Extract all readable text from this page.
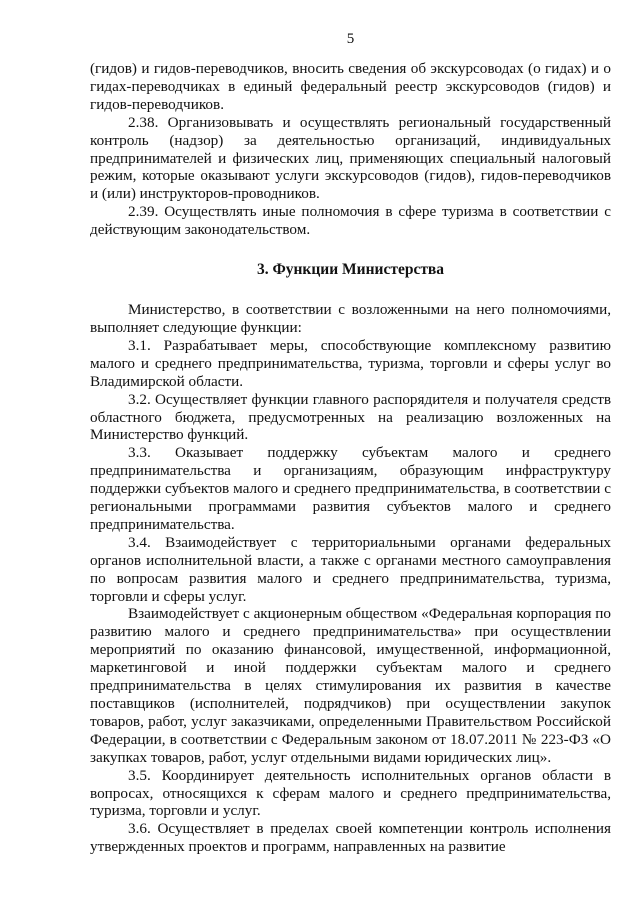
5

(гидов) и гидов-переводчиков, вносить сведения об экскурсоводах (о гидах) и о гидах-переводчиках в единый федеральный реестр экскурсоводов (гидов) и гидов-переводчиков.

2.38. Организовывать и осуществлять региональный государственный контроль (надзор) за деятельностью организаций, индивидуальных предпринимателей и физических лиц, применяющих специальный налоговый режим, которые оказывают услуги экскурсоводов (гидов), гидов-переводчиков и (или) инструкторов-проводников.

2.39. Осуществлять иные полномочия в сфере туризма в соответствии с действующим законодательством.

3. Функции Министерства

Министерство, в соответствии с возложенными на него полномочиями, выполняет следующие функции:

3.1. Разрабатывает меры, способствующие комплексному развитию малого и среднего предпринимательства, туризма, торговли и сферы услуг во Владимирской области.

3.2. Осуществляет функции главного распорядителя и получателя средств областного бюджета, предусмотренных на реализацию возложенных на Министерство функций.

3.3. Оказывает поддержку субъектам малого и среднего предпринимательства и организациям, образующим инфраструктуру поддержки субъектов малого и среднего предпринимательства, в соответствии с региональными программами развития субъектов малого и среднего предпринимательства.

3.4. Взаимодействует с территориальными органами федеральных органов исполнительной власти, а также с органами местного самоуправления по вопросам развития малого и среднего предпринимательства, туризма, торговли и сферы услуг.

Взаимодействует с акционерным обществом «Федеральная корпорация по развитию малого и среднего предпринимательства» при осуществлении мероприятий по оказанию финансовой, имущественной, информационной, маркетинговой и иной поддержки субъектам малого и среднего предпринимательства в целях стимулирования их развития в качестве поставщиков (исполнителей, подрядчиков) при осуществлении закупок товаров, работ, услуг заказчиками, определенными Правительством Российской Федерации, в соответствии с Федеральным законом от 18.07.2011 № 223-ФЗ «О закупках товаров, работ, услуг отдельными видами юридических лиц».

3.5. Координирует деятельность исполнительных органов области в вопросах, относящихся к сферам малого и среднего предпринимательства, туризма, торговли и услуг.

3.6. Осуществляет в пределах своей компетенции контроль исполнения утвержденных проектов и программ, направленных на развитие
